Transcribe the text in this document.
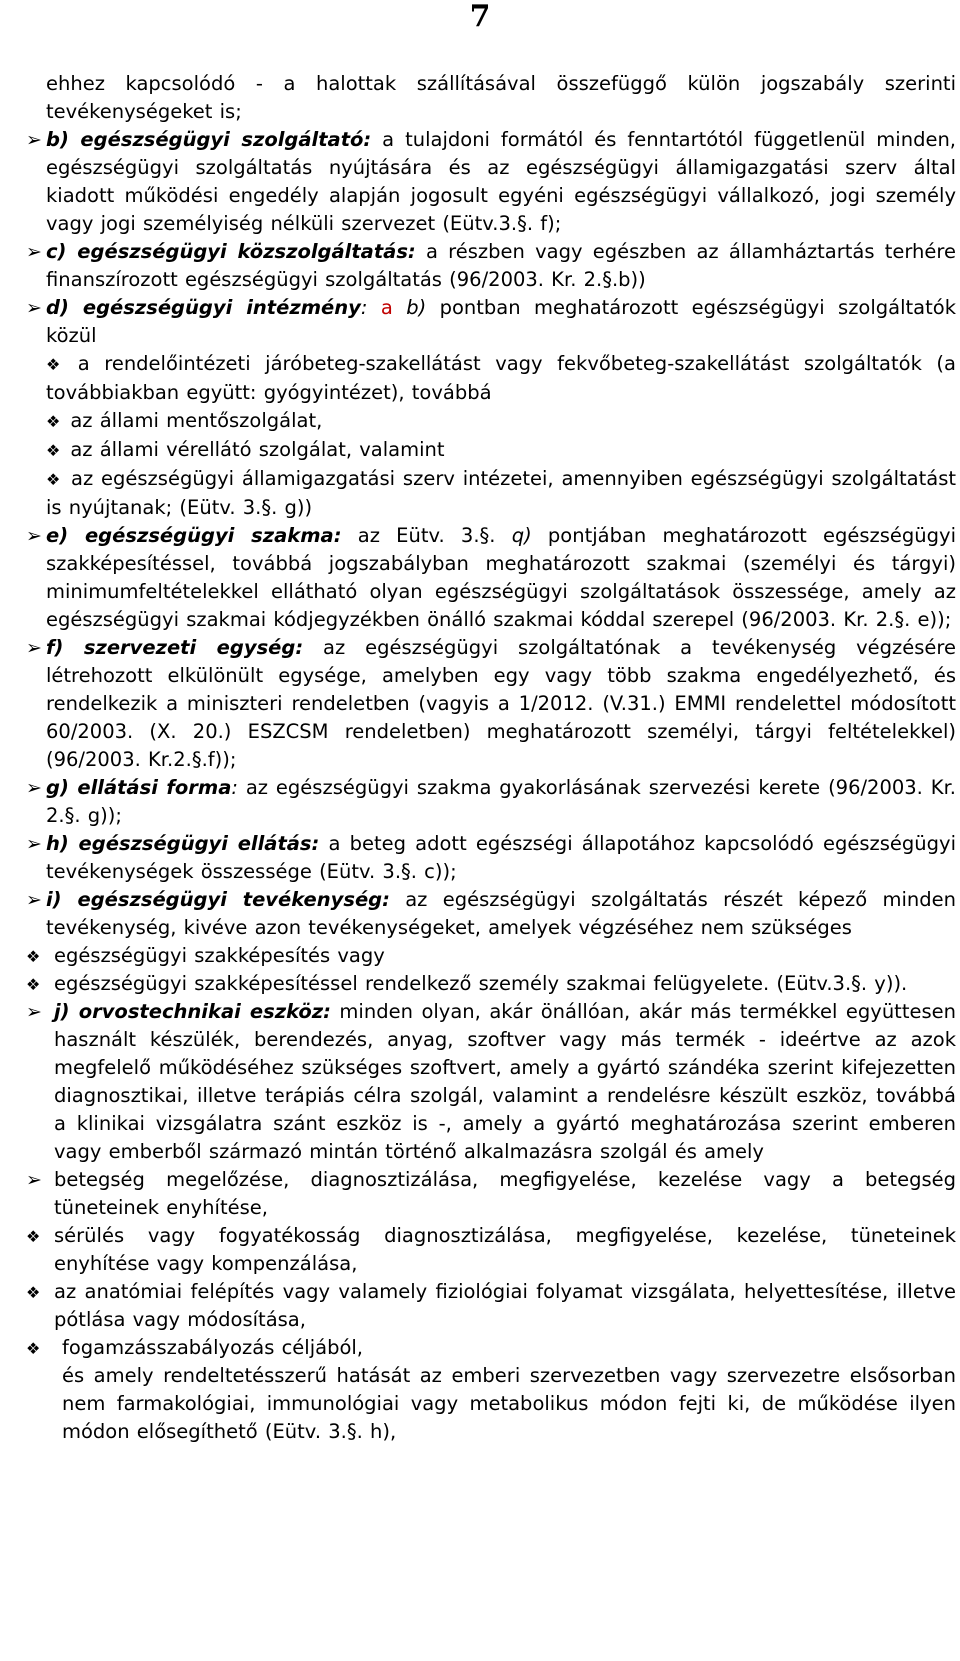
7
ehhez kapcsolódó - a halottak szállításával összefüggő külön jogszabály szerinti tevékenységeket is;
➢
b) egészségügyi szolgáltató: a tulajdoni formától és fenntartótól függetlenül minden, egészségügyi szolgáltatás nyújtására és az egészségügyi államigazgatási szerv által kiadott működési engedély alapján jogosult egyéni egészségügyi vállalkozó, jogi személy vagy jogi személyiség nélküli szervezet (Eütv.3.§. f);
➢
c) egészségügyi közszolgáltatás: a részben vagy egészben az államháztartás terhére finanszírozott egészségügyi szolgáltatás (96/2003. Kr. 2.§.b))
➢
d) egészségügyi intézmény: a b) pontban meghatározott egészségügyi szolgáltatók közül
❖ a rendelőintézeti járóbeteg-szakellátást vagy fekvőbeteg-szakellátást szolgáltatók (a továbbiakban együtt: gyógyintézet), továbbá
❖ az állami mentőszolgálat,
❖ az állami vérellátó szolgálat, valamint
❖ az egészségügyi államigazgatási szerv intézetei, amennyiben egészségügyi szolgáltatást is nyújtanak; (Eütv. 3.§. g))
➢
e) egészségügyi szakma: az Eütv. 3.§. q) pontjában meghatározott egészségügyi szakképesítéssel, továbbá jogszabályban meghatározott szakmai (személyi és tárgyi) minimumfeltételekkel ellátható olyan egészségügyi szolgáltatások összessége, amely az egészségügyi szakmai kódjegyzékben önálló szakmai kóddal szerepel (96/2003. Kr. 2.§. e));
➢
f) szervezeti egység: az egészségügyi szolgáltatónak a tevékenység végzésére létrehozott elkülönült egysége, amelyben egy vagy több szakma engedélyezhető, és rendelkezik a miniszteri rendeletben (vagyis a 1/2012. (V.31.) EMMI rendelettel módosított 60/2003. (X. 20.) ESZCSM rendeletben) meghatározott személyi, tárgyi feltételekkel) (96/2003. Kr.2.§.f));
➢
g) ellátási forma: az egészségügyi szakma gyakorlásának szervezési kerete (96/2003. Kr. 2.§. g));
➢
h) egészségügyi ellátás: a beteg adott egészségi állapotához kapcsolódó egészségügyi tevékenységek összessége (Eütv. 3.§. c));
➢
i) egészségügyi tevékenység: az egészségügyi szolgáltatás részét képező minden tevékenység, kivéve azon tevékenységeket, amelyek végzéséhez nem szükséges
❖
egészségügyi szakképesítés vagy
❖
egészségügyi szakképesítéssel rendelkező személy szakmai felügyelete. (Eütv.3.§. y)).
➢
j) orvostechnikai eszköz: minden olyan, akár önállóan, akár más termékkel együttesen használt készülék, berendezés, anyag, szoftver vagy más termék - ideértve az azok megfelelő működéséhez szükséges szoftvert, amely a gyártó szándéka szerint kifejezetten diagnosztikai, illetve terápiás célra szolgál, valamint a rendelésre készült eszköz, továbbá a klinikai vizsgálatra szánt eszköz is -, amely a gyártó meghatározása szerint emberen vagy emberből származó mintán történő alkalmazásra szolgál és amely
➢
betegség megelőzése, diagnosztizálása, megfigyelése, kezelése vagy a betegség tüneteinek enyhítése,
❖
sérülés vagy fogyatékosság diagnosztizálása, megfigyelése, kezelése, tüneteinek enyhítése vagy kompenzálása,
❖
az anatómiai felépítés vagy valamely fiziológiai folyamat vizsgálata, helyettesítése, illetve pótlása vagy módosítása,
❖
fogamzásszabályozás céljából,
és amely rendeltetésszerű hatását az emberi szervezetben vagy szervezetre elsősorban nem farmakológiai, immunológiai vagy metabolikus módon fejti ki, de működése ilyen módon elősegíthető (Eütv. 3.§. h),
